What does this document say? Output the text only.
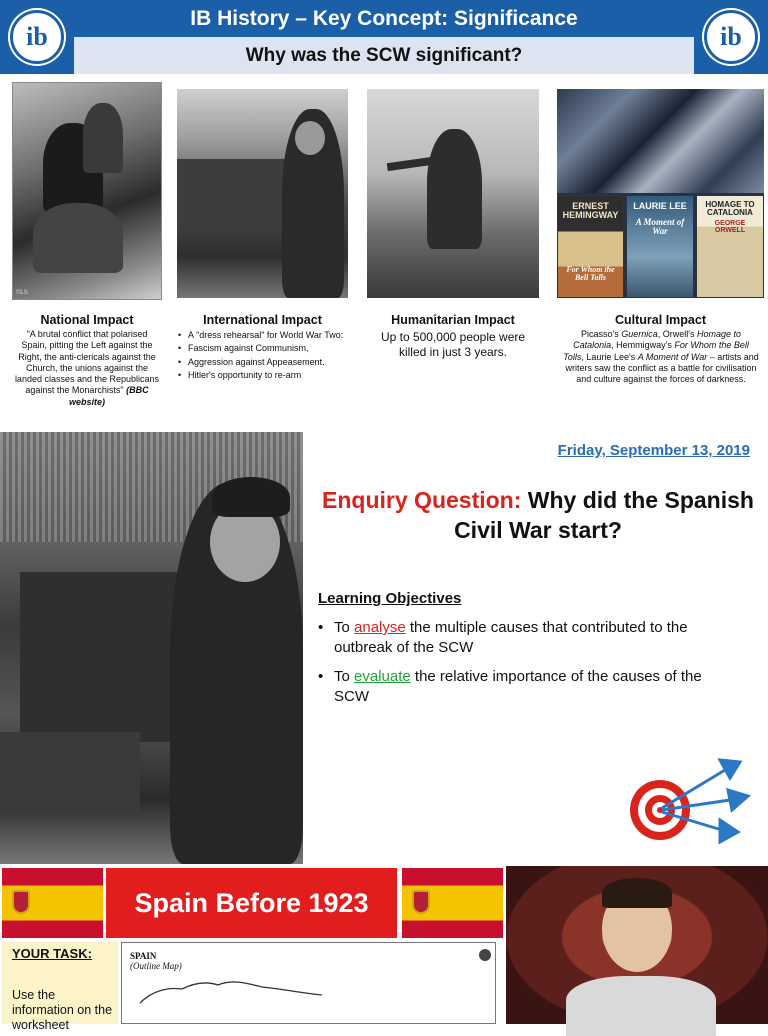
ib
IB History – Key Concept: Significance
Why was the SCW significant?
ib
©LS
ERNEST HEMINGWAY
For Whom the Bell Tolls
LAURIE LEE
A Moment of War
HOMAGE TO CATALONIA
GEORGE ORWELL
National Impact
"A brutal conflict that polarised Spain, pitting the Left against the Right, the anti-clericals against the Church, the unions against the landed classes and the Republicans against the Monarchists" (BBC website)
International Impact
• A "dress rehearsal" for World War Two:
• Fascism against Communism,
• Aggression against Appeasement.
• Hitler's opportunity to re-arm
Humanitarian Impact
Up to 500,000 people were killed in just 3 years.
Cultural Impact
Picasso's Guernica, Orwell's Homage to Catalonia, Hemmigway's For Whom the Bell Tolls, Laurie Lee's A Moment of War – artists and writers saw the conflict as a battle for civilisation and culture against the forces of darkness.
Friday, September 13, 2019
Enquiry Question: Why did the Spanish Civil War start?
Learning Objectives
• To analyse the multiple causes that contributed to the outbreak of the SCW
• To evaluate the relative importance of the causes of the SCW
Spain Before 1923
YOUR TASK:
Use the information on the worksheet
SPAIN
(Outline Map)
